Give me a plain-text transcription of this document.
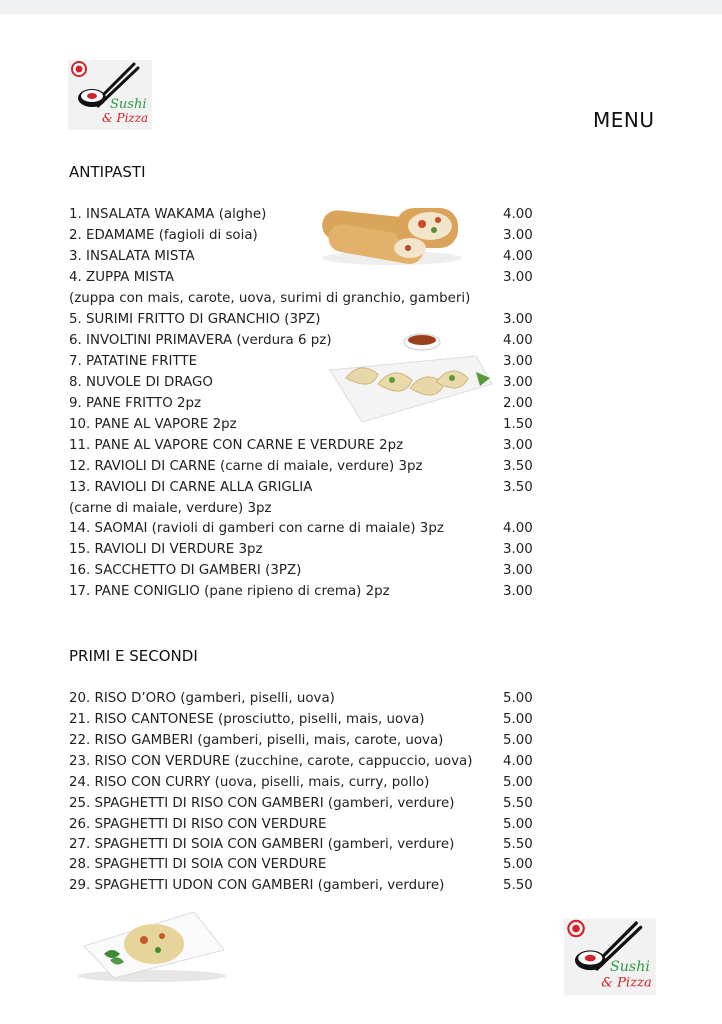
Sushi
& Pizza	MENU
Sushi
& Pizza
ANTIPASTI
1. INSALATA WAKAMA (alghe)	4.00
2. EDAMAME (fagioli di soia)	3.00
3. INSALATA MISTA	4.00
4. ZUPPA MISTA	3.00
(zuppa con mais, carote, uova, surimi di granchio, gamberi)
5. SURIMI FRITTO DI GRANCHIO (3PZ)	3.00
6. INVOLTINI PRIMAVERA (verdura 6 pz)	4.00
7. PATATINE FRITTE	3.00
8. NUVOLE DI DRAGO	3.00
9. PANE FRITTO 2pz	2.00
10. PANE AL VAPORE 2pz	1.50
11. PANE AL VAPORE CON CARNE E VERDURE 2pz	3.00
12. RAVIOLI DI CARNE (carne di maiale, verdure) 3pz	3.50
13. RAVIOLI DI CARNE ALLA GRIGLIA	3.50
(carne di maiale, verdure) 3pz
14. SAOMAI (ravioli di gamberi con carne di maiale) 3pz	4.00
15. RAVIOLI DI VERDURE 3pz	3.00
16. SACCHETTO DI GAMBERI (3PZ)	3.00
17. PANE CONIGLIO (pane ripieno di crema) 2pz	3.00
PRIMI E SECONDI
20. RISO D’ORO (gamberi, piselli, uova)	5.00
21. RISO CANTONESE (prosciutto, piselli, mais, uova)	5.00
22. RISO GAMBERI (gamberi, piselli, mais, carote, uova)	5.00
23. RISO CON VERDURE (zucchine, carote, cappuccio, uova) 4.00
24. RISO CON CURRY (uova, piselli, mais, curry, pollo)	5.00
25. SPAGHETTI DI RISO CON GAMBERI (gamberi, verdure)	5.50
26. SPAGHETTI DI RISO CON VERDURE	5.00
27. SPAGHETTI DI SOIA CON GAMBERI (gamberi, verdure)	5.50
28. SPAGHETTI DI SOIA CON VERDURE	5.00
29. SPAGHETTI UDON CON GAMBERI (gamberi, verdure)	5.50
